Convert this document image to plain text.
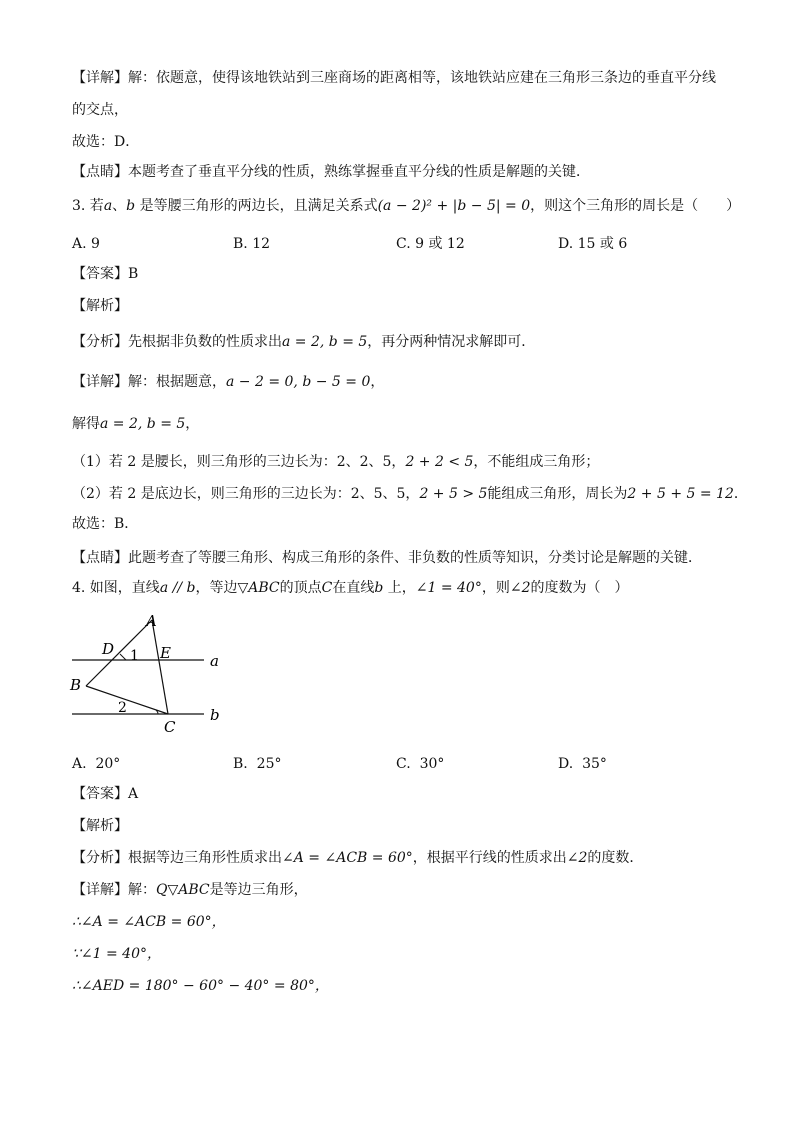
【详解】解：依题意，使得该地铁站到三座商场的距离相等，该地铁站应建在三角形三条边的垂直平分线
的交点，
故选：D．
【点睛】本题考查了垂直平分线的性质，熟练掌握垂直平分线的性质是解题的关键．
3. 若a、b 是等腰三角形的两边长，且满足关系式(a − 2)² + |b − 5| = 0，则这个三角形的周长是（　　）
A. 9	B. 12	C. 9 或 12	D. 15 或 6
【答案】B
【解析】
【分析】先根据非负数的性质求出a = 2, b = 5，再分两种情况求解即可．
【详解】解：根据题意，a − 2 = 0, b − 5 = 0，
解得a = 2, b = 5，
（1）若 2 是腰长，则三角形的三边长为：2、2、5，2 + 2 < 5，不能组成三角形；
（2）若 2 是底边长，则三角形的三边长为：2、5、5，2 + 5 > 5能组成三角形，周长为2 + 5 + 5 = 12．
故选：B．
【点睛】此题考查了等腰三角形、构成三角形的条件、非负数的性质等知识，分类讨论是解题的关键．
4. 如图，直线a // b，等边▽ABC的顶点C在直线b 上，∠1 = 40°，则∠2的度数为（　）
A
D 1 E	a
B
2	b
C
A. 20°	B. 25°	C. 30°	D. 35°
【答案】A
【解析】
【分析】根据等边三角形性质求出∠A = ∠ACB = 60°，根据平行线的性质求出∠2的度数．
【详解】解：Q▽ABC是等边三角形，
∴∠A = ∠ACB = 60°，
∵∠1 = 40°，
∴∠AED = 180° − 60° − 40° = 80°，
